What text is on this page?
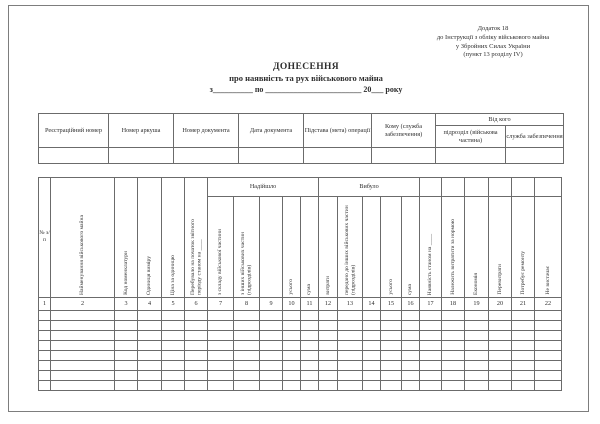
Додаток 18
до Інструкції з обліку військового майна
у Збройних Силах України
(пункт 13 розділу IV)
ДОНЕСЕННЯ
про наявність та рух військового майна
з__________ по ________________________ 20___ року
Реєстраційний номер	Номер аркуша	Номер документа	Дата документа	Підстава (мета) операції	Кому (служба забезпечення)	Від кого	
						підрозділ (військова частина)	служба забезпечення

№ з/п	Найменування військового майна	Код номенклатури	Одиниця виміру	Ціна за одиницю	Перебувало на початок звітного періоду станом на ____	Надійшло					Вибуло										

						з складу військової частини	з інших військових частин (підрозділів)		усього	сума	витрати	передано до інших військових частин (підрозділів)		усього	сума	Наявність станом на ____	Належить витратити за нормою	Економія	Перевитрати	Потребує ремонту	Не вистачає

1	2	3	4	5	6	7	8	9	10	11	12	13	14	15	16	17	18	19	20	21	22
